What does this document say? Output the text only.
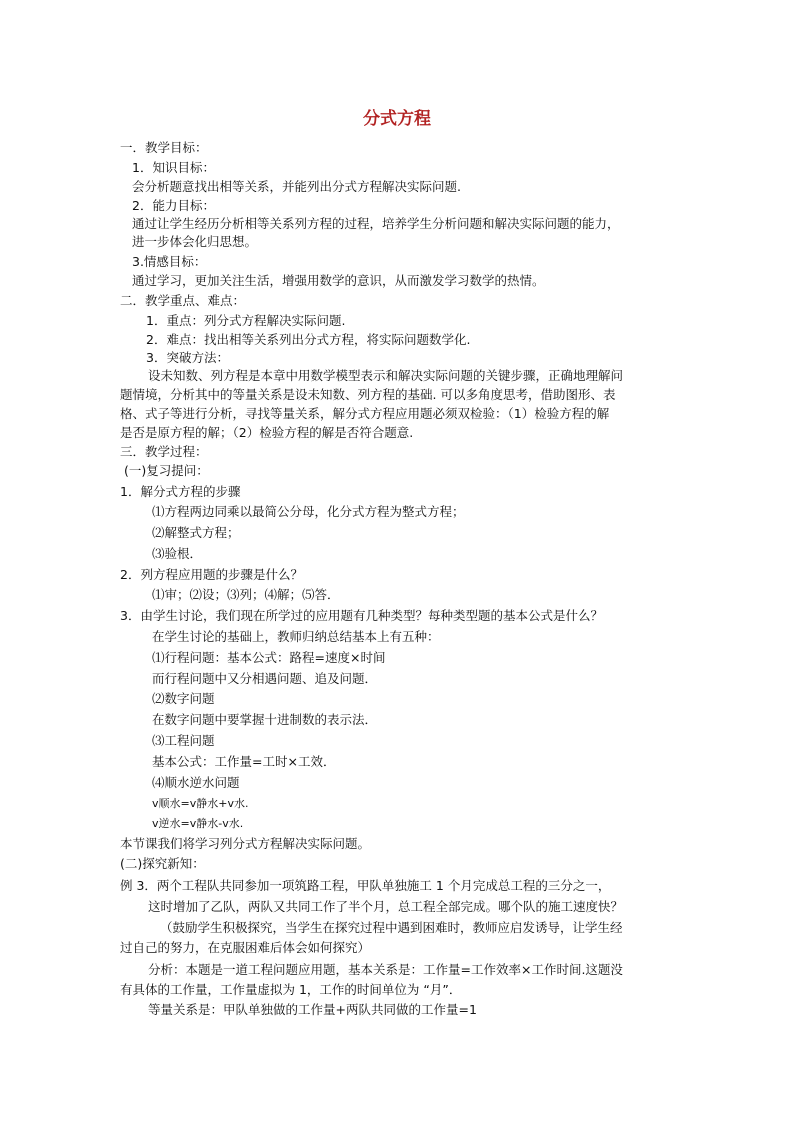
分式方程
一．教学目标：
1．知识目标：
会分析题意找出相等关系，并能列出分式方程解决实际问题.
2．能力目标：
通过让学生经历分析相等关系列方程的过程，培养学生分析问题和解决实际问题的能力，
进一步体会化归思想。
3.情感目标：
通过学习，更加关注生活，增强用数学的意识，从而激发学习数学的热情。
二．教学重点、难点：
1．重点：列分式方程解决实际问题.
2．难点：找出相等关系列出分式方程，将实际问题数学化.
3．突破方法：
设未知数、列方程是本章中用数学模型表示和解决实际问题的关键步骤，正确地理解问
题情境，分析其中的等量关系是设未知数、列方程的基础. 可以多角度思考，借助图形、表
格、式子等进行分析，寻找等量关系，解分式方程应用题必须双检验：（1）检验方程的解
是否是原方程的解；（2）检验方程的解是否符合题意.
三．教学过程：
(一)复习提问：
1．解分式方程的步骤
⑴方程两边同乘以最简公分母，化分式方程为整式方程；
⑵解整式方程；
⑶验根．
2．列方程应用题的步骤是什么？
⑴审；⑵设；⑶列；⑷解；⑸答．
3．由学生讨论，我们现在所学过的应用题有几种类型？每种类型题的基本公式是什么？
在学生讨论的基础上，教师归纳总结基本上有五种：
⑴行程问题：基本公式：路程=速度×时间
而行程问题中又分相遇问题、追及问题．
⑵数字问题
在数字问题中要掌握十进制数的表示法．
⑶工程问题
基本公式：工作量=工时×工效．
⑷顺水逆水问题
v顺水=v静水+v水.
v逆水=v静水-v水.
本节课我们将学习列分式方程解决实际问题。
(二)探究新知：
例 3．两个工程队共同参加一项筑路工程，甲队单独施工 1 个月完成总工程的三分之一，
这时增加了乙队，两队又共同工作了半个月，总工程全部完成。哪个队的施工速度快？
（鼓励学生积极探究，当学生在探究过程中遇到困难时，教师应启发诱导，让学生经
过自己的努力，在克服困难后体会如何探究）
分析：本题是一道工程问题应用题，基本关系是：工作量=工作效率×工作时间.这题没
有具体的工作量，工作量虚拟为 1，工作的时间单位为 “月”．
等量关系是：甲队单独做的工作量+两队共同做的工作量=1
